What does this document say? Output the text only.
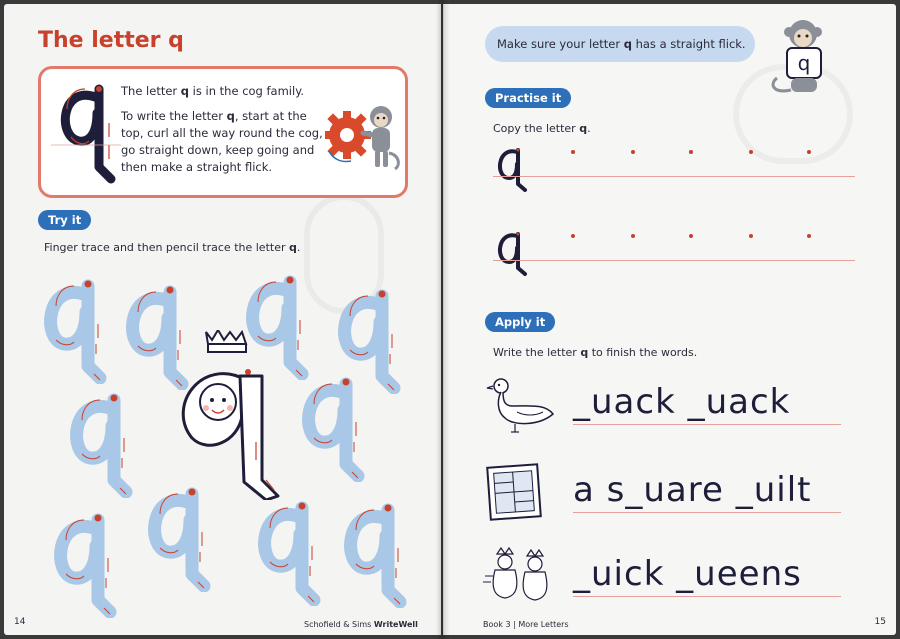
The letter q

The letter q is in the cog family.

To write the letter q, start at the top, curl all the way round the cog, go straight down, keep going and then make a straight flick.

Try it
Finger trace and then pencil trace the letter q.
14	Schofield & Sims WriteWell
Make sure your letter q has a straight flick.
q
Practise it
Copy the letter q.
Apply it
Write the letter q to finish the words.
_uack _uack
a s_uare _uilt
_uick _ueens
Book 3 | More Letters	15
